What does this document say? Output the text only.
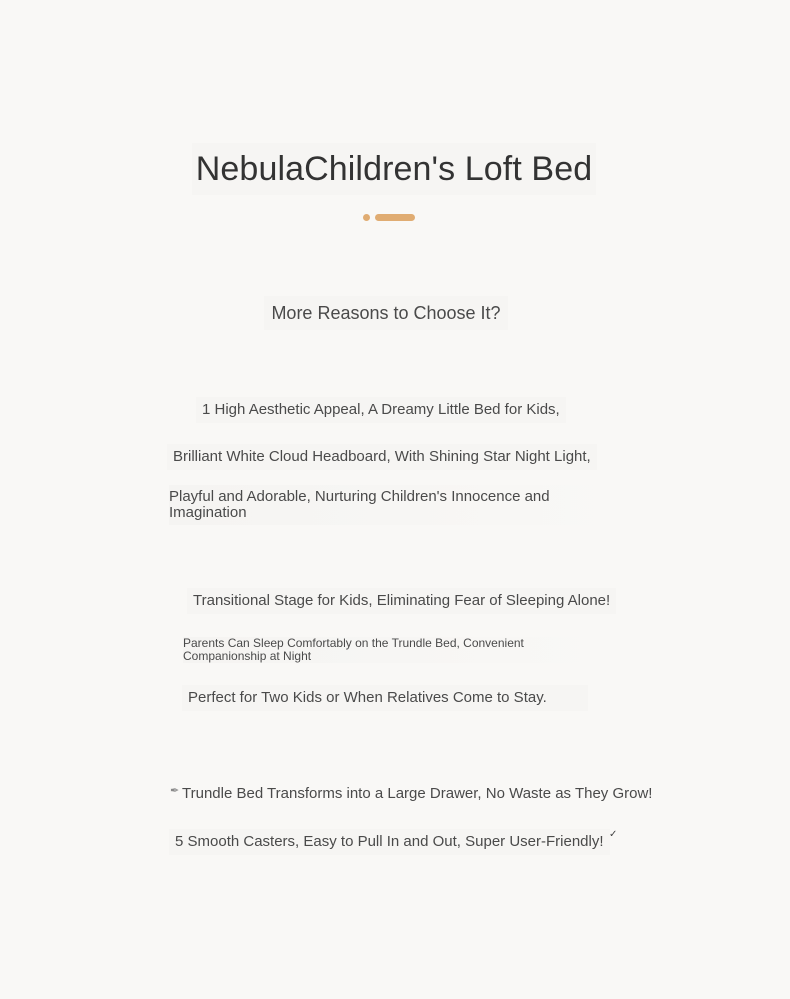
NebulaChildren's Loft Bed
More Reasons to Choose It?
1 High Aesthetic Appeal, A Dreamy Little Bed for Kids,
Brilliant White Cloud Headboard, With Shining Star Night Light,
Playful and Adorable, Nurturing Children's Innocence and Imagination
Transitional Stage for Kids, Eliminating Fear of Sleeping Alone!
Parents Can Sleep Comfortably on the Trundle Bed, Convenient Companionship at Night
Perfect for Two Kids or When Relatives Come to Stay.
✒ Trundle Bed Transforms into a Large Drawer, No Waste as They Grow!
5 Smooth Casters, Easy to Pull In and Out, Super User-Friendly! ✓
